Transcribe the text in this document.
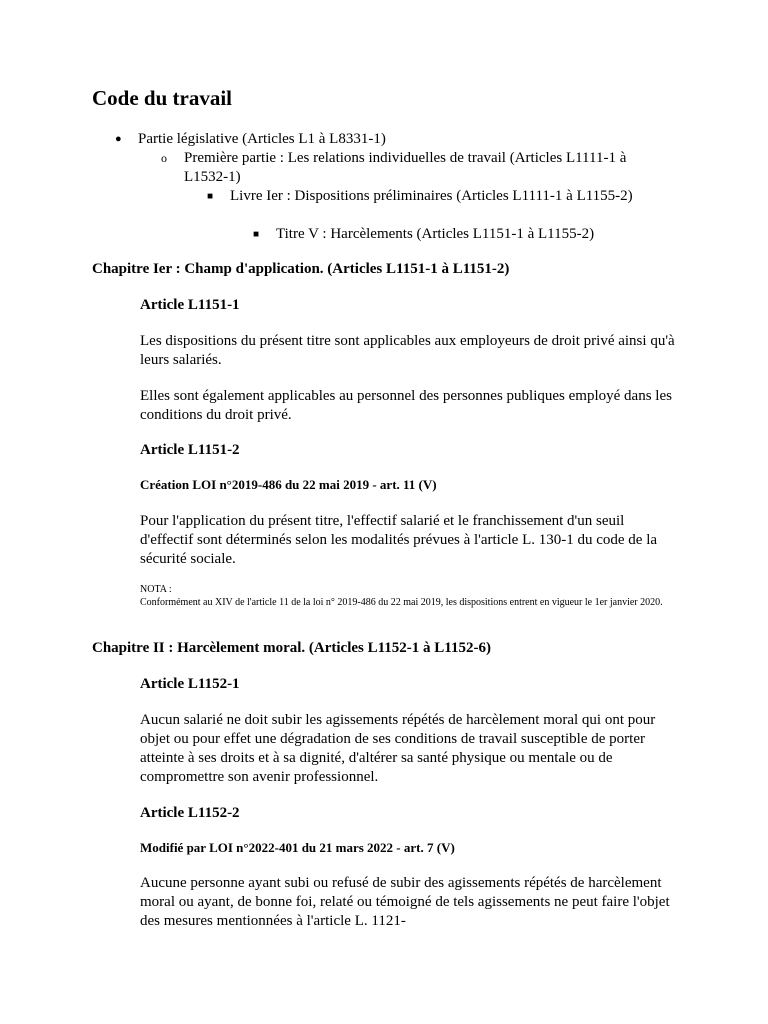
Code du travail
● Partie législative (Articles L1 à L8331-1)
o Première partie : Les relations individuelles de travail (Articles L1111-1 à L1532-1)
■ Livre Ier : Dispositions préliminaires (Articles L1111-1 à L1155-2)
■ Titre V : Harcèlements (Articles L1151-1 à L1155-2)
Chapitre Ier : Champ d'application. (Articles L1151-1 à L1151-2)
Article L1151-1

Les dispositions du présent titre sont applicables aux employeurs de droit privé ainsi qu'à leurs salariés.

Elles sont également applicables au personnel des personnes publiques employé dans les conditions du droit privé.

Article L1151-2

Création LOI n°2019-486 du 22 mai 2019 - art. 11 (V)

Pour l'application du présent titre, l'effectif salarié et le franchissement d'un seuil d'effectif sont déterminés selon les modalités prévues à l'article L. 130-1 du code de la sécurité sociale.

NOTA :

Conformément au XIV de l'article 11 de la loi n° 2019-486 du 22 mai 2019, les dispositions entrent en vigueur le 1er janvier 2020.

Chapitre II : Harcèlement moral. (Articles L1152-1 à L1152-6)
Article L1152-1

Aucun salarié ne doit subir les agissements répétés de harcèlement moral qui ont pour objet ou pour effet une dégradation de ses conditions de travail susceptible de porter atteinte à ses droits et à sa dignité, d'altérer sa santé physique ou mentale ou de compromettre son avenir professionnel.

Article L1152-2

Modifié par LOI n°2022-401 du 21 mars 2022 - art. 7 (V)

Aucune personne ayant subi ou refusé de subir des agissements répétés de harcèlement moral ou ayant, de bonne foi, relaté ou témoigné de tels agissements ne peut faire l'objet des mesures mentionnées à l'article L. 1121-
